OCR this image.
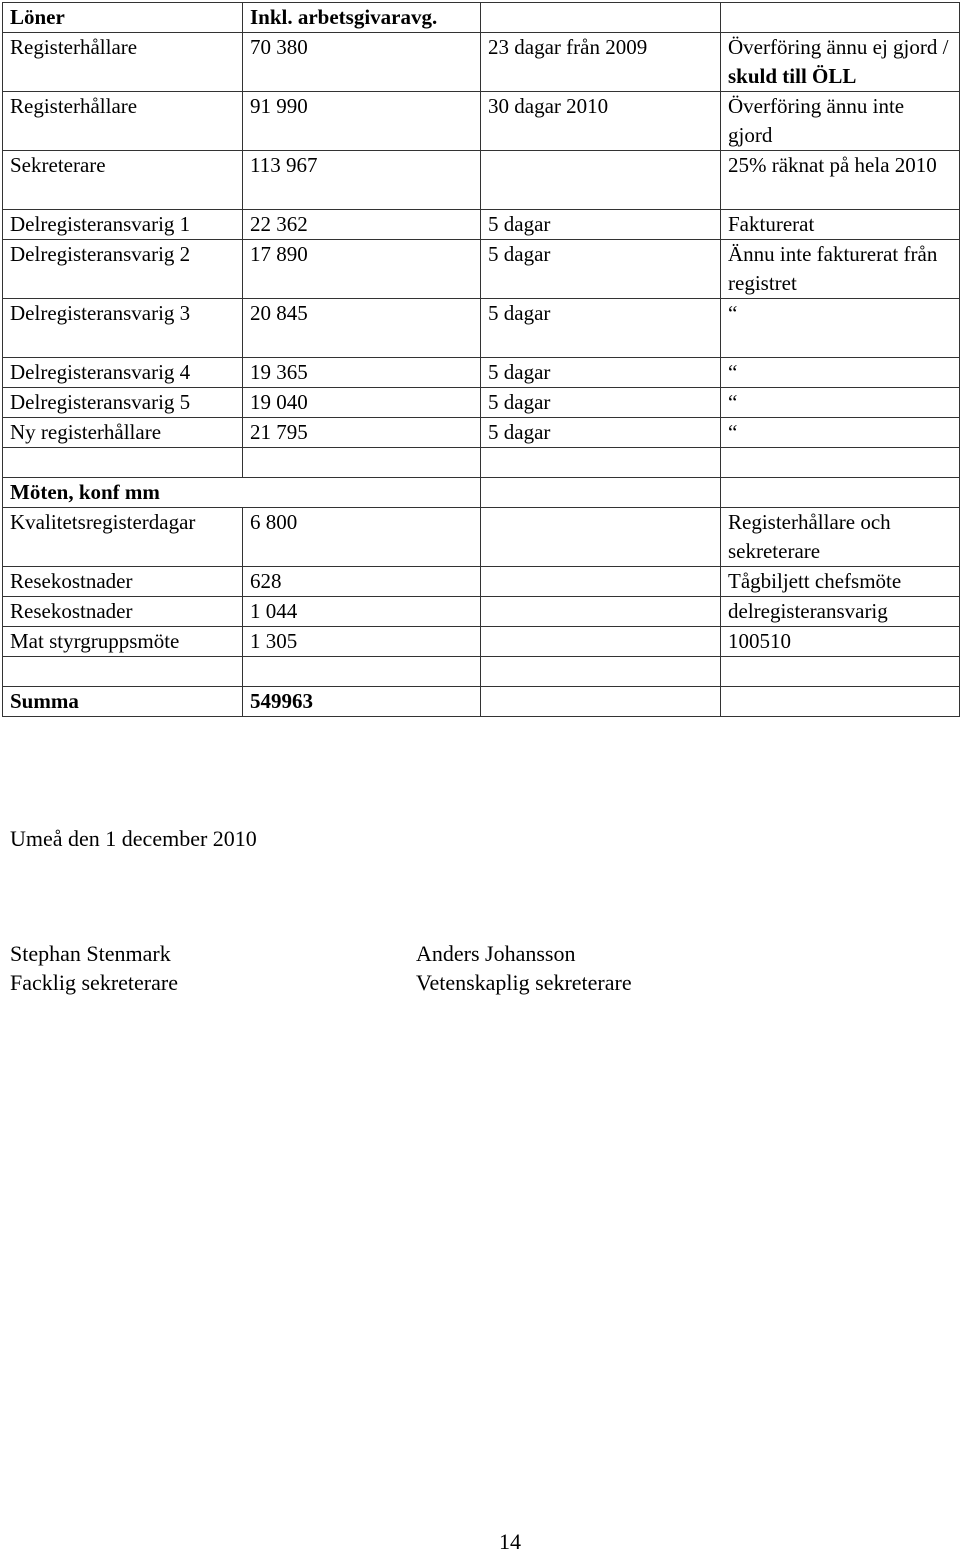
Löner	Inkl. arbetsgivaravg.		
Registerhållare	70 380	23 dagar från 2009	Överföring ännu ej gjord / skuld till ÖLL
Registerhållare	91 990	30 dagar 2010	Överföring ännu inte gjord
Sekreterare	113 967		25% räknat på hela 2010
Delregisteransvarig 1	22 362	5 dagar	Fakturerat
Delregisteransvarig 2	17 890	5 dagar	Ännu inte fakturerat från registret
Delregisteransvarig 3	20 845	5 dagar	“
Delregisteransvarig 4	19 365	5 dagar	“
Delregisteransvarig 5	19 040	5 dagar	“
Ny registerhållare	21 795	5 dagar	“

Möten, konf mm			
Kvalitetsregisterdagar	6 800		Registerhållare och sekreterare
Resekostnader	628		Tågbiljett chefsmöte
Resekostnader	1 044		delregisteransvarig
Mat styrgruppsmöte	1 305		100510

Summa	549963		
Umeå den 1 december 2010
Stephan Stenmark
Facklig sekreterare
Anders Johansson
Vetenskaplig sekreterare
14
